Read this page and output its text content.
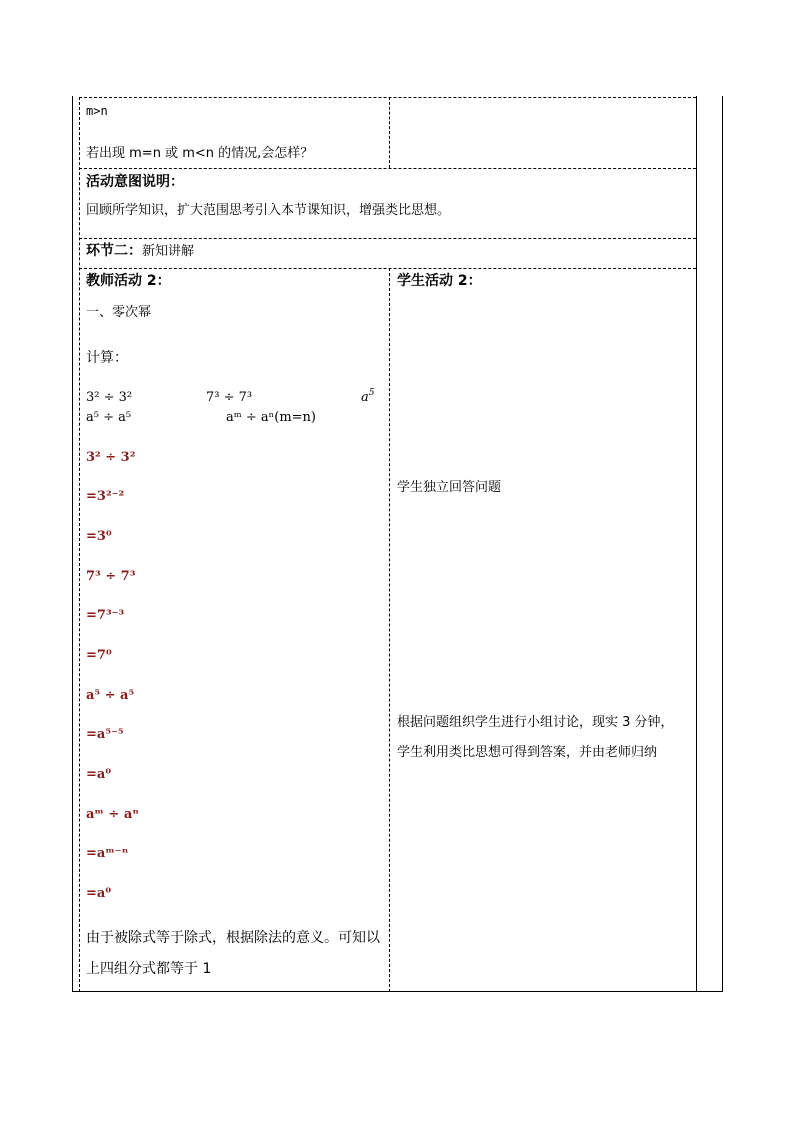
m>n
若出现 m=n 或 m<n 的情况,会怎样？
活动意图说明：
回顾所学知识，扩大范围思考引入本节课知识，增强类比思想。
环节二：新知讲解
教师活动 2：
一、零次幂
计算：
3² ÷ 3²	7³ ÷ 7³	$a^5$
a⁵ ÷ a⁵	aᵐ ÷ aⁿ(m=n)
3² ÷ 3²
=3²⁻²
=3⁰
7³ ÷ 7³
=7³⁻³
=7⁰
a⁵ ÷ a⁵
=a⁵⁻⁵
=a⁰
aᵐ ÷ aⁿ
=aᵐ⁻ⁿ
=a⁰
由于被除式等于除式，根据除法的意义。可知以
上四组分式都等于 1
学生活动 2：
学生独立回答问题
根据问题组织学生进行小组讨论，现实 3 分钟，
学生利用类比思想可得到答案，并由老师归纳
